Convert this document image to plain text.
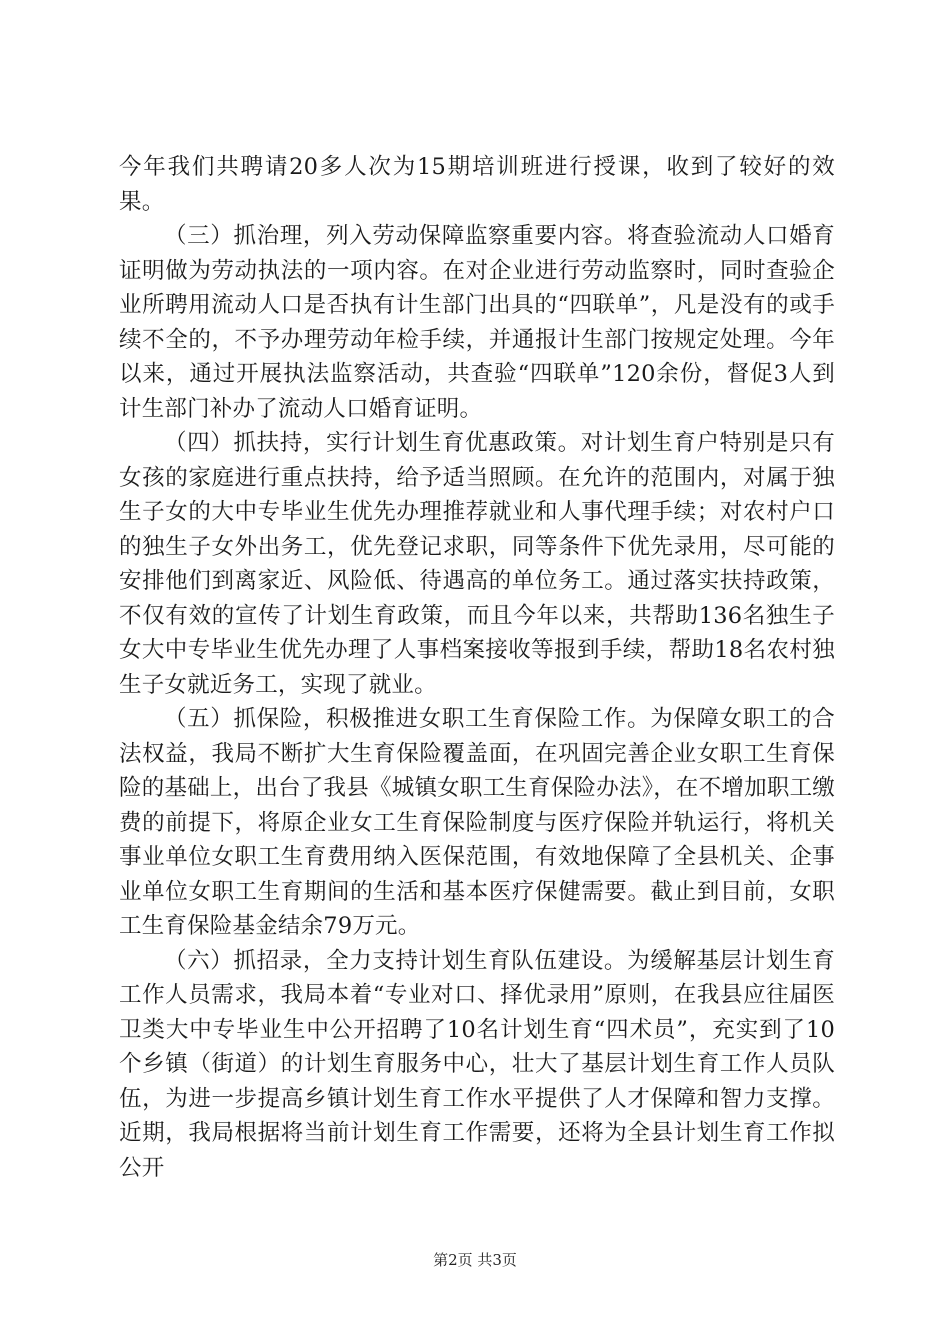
今年我们共聘请20多人次为15期培训班进行授课，收到了较好的效果。

（三）抓治理，列入劳动保障监察重要内容。将查验流动人口婚育证明做为劳动执法的一项内容。在对企业进行劳动监察时，同时查验企业所聘用流动人口是否执有计生部门出具的“四联单”，凡是没有的或手续不全的，不予办理劳动年检手续，并通报计生部门按规定处理。今年以来，通过开展执法监察活动，共查验“四联单”120余份，督促3人到计生部门补办了流动人口婚育证明。

（四）抓扶持，实行计划生育优惠政策。对计划生育户特别是只有女孩的家庭进行重点扶持，给予适当照顾。在允许的范围内，对属于独生子女的大中专毕业生优先办理推荐就业和人事代理手续；对农村户口的独生子女外出务工，优先登记求职，同等条件下优先录用，尽可能的安排他们到离家近、风险低、待遇高的单位务工。通过落实扶持政策，不仅有效的宣传了计划生育政策，而且今年以来，共帮助136名独生子女大中专毕业生优先办理了人事档案接收等报到手续，帮助18名农村独生子女就近务工，实现了就业。

（五）抓保险，积极推进女职工生育保险工作。为保障女职工的合法权益，我局不断扩大生育保险覆盖面，在巩固完善企业女职工生育保险的基础上，出台了我县《城镇女职工生育保险办法》，在不增加职工缴费的前提下，将原企业女工生育保险制度与医疗保险并轨运行，将机关事业单位女职工生育费用纳入医保范围，有效地保障了全县机关、企事业单位女职工生育期间的生活和基本医疗保健需要。截止到目前，女职工生育保险基金结余79万元。

（六）抓招录，全力支持计划生育队伍建设。为缓解基层计划生育工作人员需求，我局本着“专业对口、择优录用”原则，在我县应往届医卫类大中专毕业生中公开招聘了10名计划生育“四术员”，充实到了10个乡镇（街道）的计划生育服务中心，壮大了基层计划生育工作人员队伍，为进一步提高乡镇计划生育工作水平提供了人才保障和智力支撑。近期，我局根据将当前计划生育工作需要，还将为全县计划生育工作拟公开

第2页 共3页
